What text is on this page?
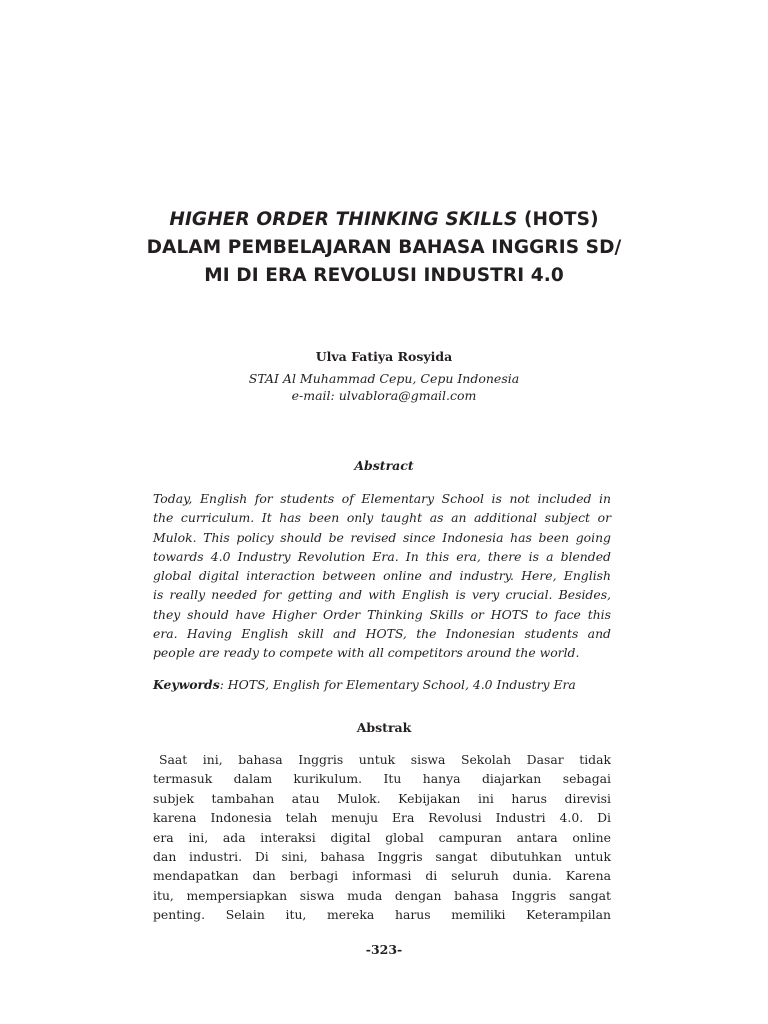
HIGHER ORDER THINKING SKILLS (HOTS)
DALAM PEMBELAJARAN BAHASA INGGRIS SD/
MI DI ERA REVOLUSI INDUSTRI 4.0
Ulva Fatiya Rosyida
STAI Al Muhammad Cepu, Cepu Indonesia
e-mail: ulvablora@gmail.com
Abstract
Today, English for students of Elementary School is not included in
the curriculum. It has been only taught as an additional subject or
Mulok. This policy should be revised since Indonesia has been going
towards 4.0 Industry Revolution Era. In this era, there is a blended
global digital interaction between online and industry. Here, English
is really needed for getting and with English is very crucial. Besides,
they should have Higher Order Thinking Skills or HOTS to face this
era. Having English skill and HOTS, the Indonesian students and
people are ready to compete with all competitors around the world.
Keywords: HOTS, English for Elementary School, 4.0 Industry Era
Abstrak
Saat ini, bahasa Inggris untuk siswa Sekolah Dasar tidak
termasuk dalam kurikulum. Itu hanya diajarkan sebagai
subjek tambahan atau Mulok. Kebijakan ini harus direvisi
karena Indonesia telah menuju Era Revolusi Industri 4.0. Di
era ini, ada interaksi digital global campuran antara online
dan industri. Di sini, bahasa Inggris sangat dibutuhkan untuk
mendapatkan dan berbagi informasi di seluruh dunia. Karena
itu, mempersiapkan siswa muda dengan bahasa Inggris sangat
penting. Selain itu, mereka harus memiliki Keterampilan
-323-
